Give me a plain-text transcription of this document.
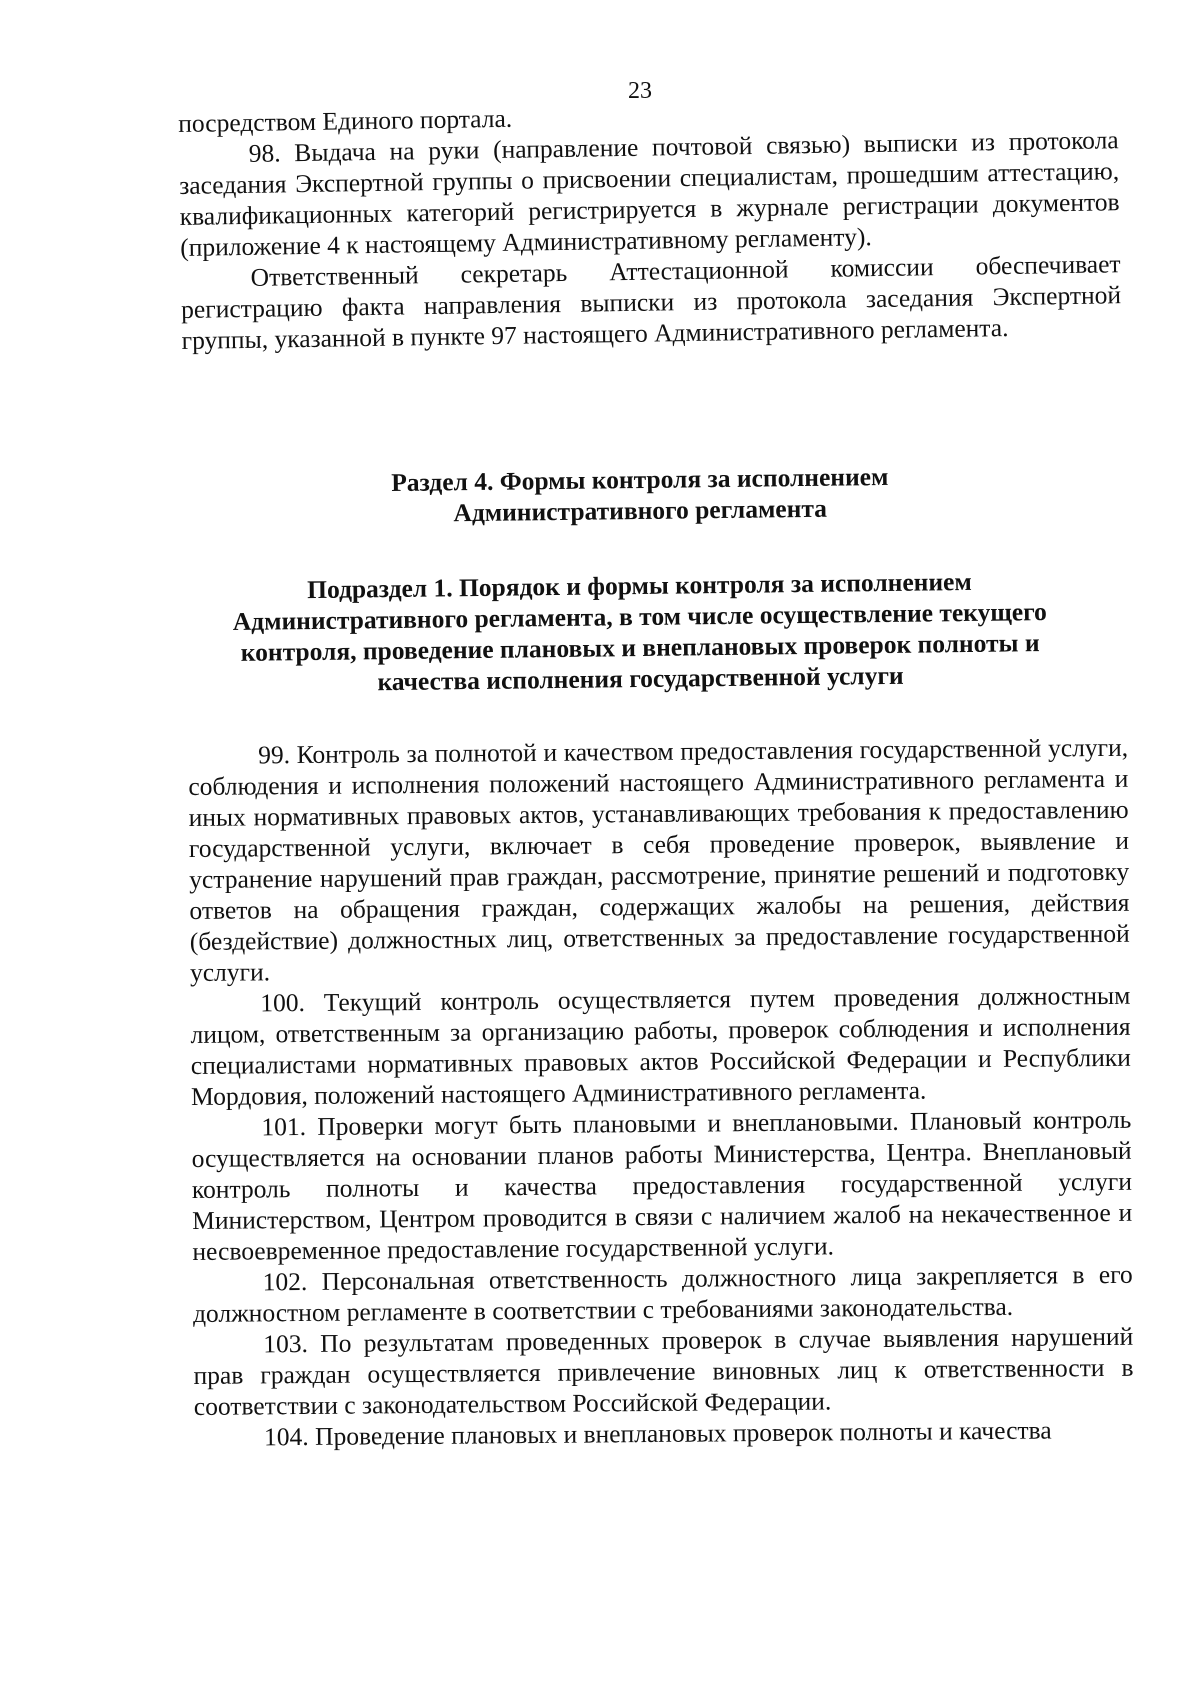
23

посредством Единого портала.

98. Выдача на руки (направление почтовой связью) выписки из протокола заседания Экспертной группы о присвоении специалистам, прошедшим аттестацию, квалификационных категорий регистрируется в журнале регистрации документов (приложение 4 к настоящему Административному регламенту).

Ответственный секретарь Аттестационной комиссии обеспечивает регистрацию факта направления выписки из протокола заседания Экспертной группы, указанной в пункте 97 настоящего Административного регламента.

Раздел 4. Формы контроля за исполнением
Административного регламента
Подраздел 1. Порядок и формы контроля за исполнением
Административного регламента, в том числе осуществление текущего
контроля, проведение плановых и внеплановых проверок полноты и
качества исполнения государственной услуги

99. Контроль за полнотой и качеством предоставления государственной услуги, соблюдения и исполнения положений настоящего Административного регламента и иных нормативных правовых актов, устанавливающих требования к предоставлению государственной услуги, включает в себя проведение проверок, выявление и устранение нарушений прав граждан, рассмотрение, принятие решений и подготовку ответов на обращения граждан, содержащих жалобы на решения, действия (бездействие) должностных лиц, ответственных за предоставление государственной услуги.

100. Текущий контроль осуществляется путем проведения должностным лицом, ответственным за организацию работы, проверок соблюдения и исполнения специалистами нормативных правовых актов Российской Федерации и Республики Мордовия, положений настоящего Административного регламента.

101. Проверки могут быть плановыми и внеплановыми. Плановый контроль осуществляется на основании планов работы Министерства, Центра. Внеплановый контроль полноты и качества предоставления государственной услуги Министерством, Центром проводится в связи с наличием жалоб на некачественное и несвоевременное предоставление государственной услуги.

102. Персональная ответственность должностного лица закрепляется в его должностном регламенте в соответствии с требованиями законодательства.

103. По результатам проведенных проверок в случае выявления нарушений прав граждан осуществляется привлечение виновных лиц к ответственности в соответствии с законодательством Российской Федерации.

104. Проведение плановых и внеплановых проверок полноты и качества
